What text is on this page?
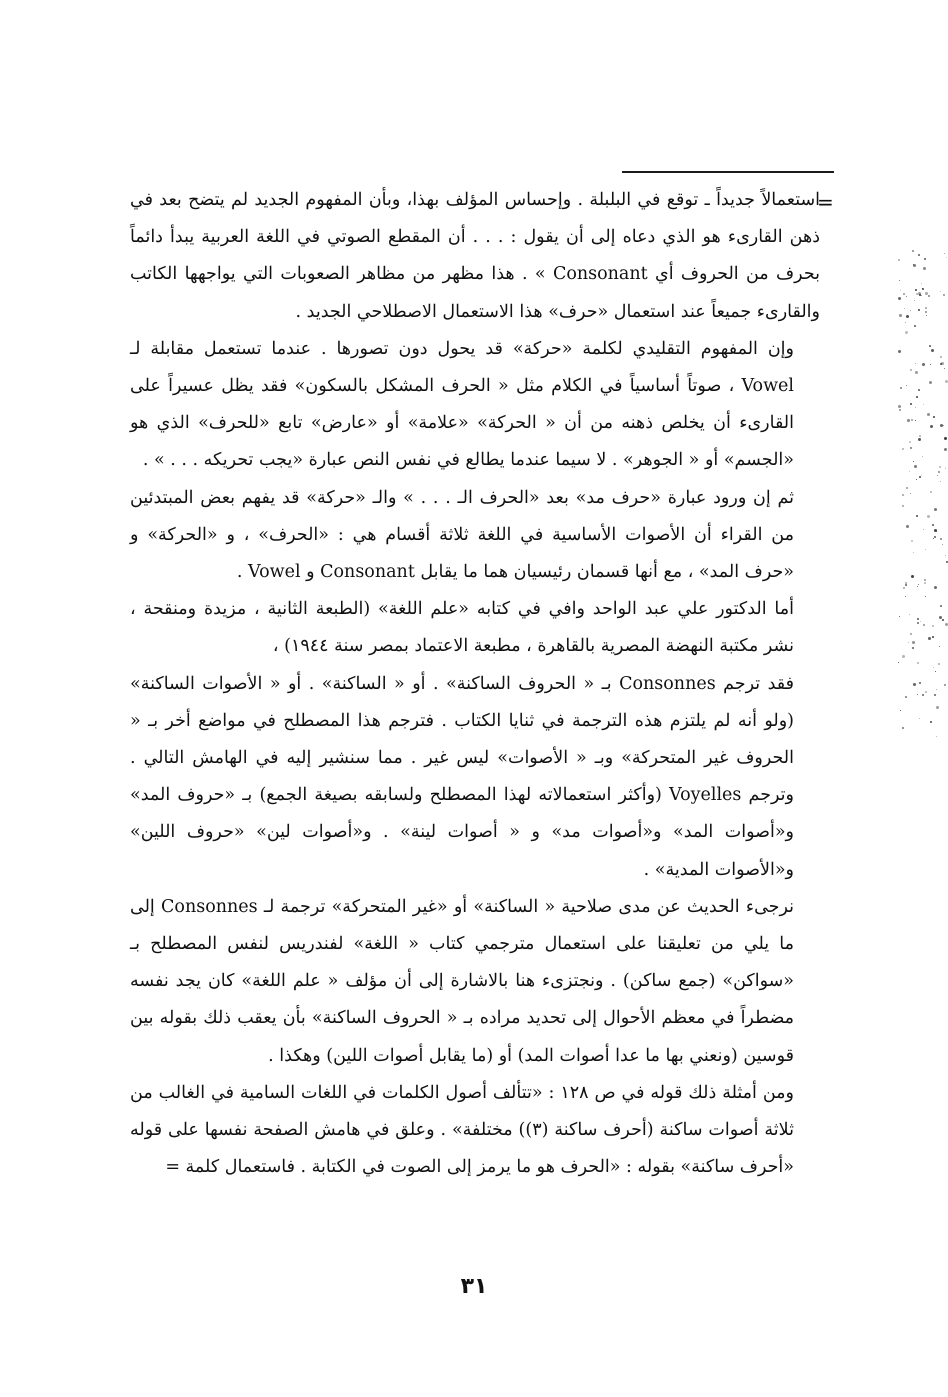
=

استعمالاً جديداً ـ توقع في البلبلة . وإحساس المؤلف بهذا، وبأن المفهوم الجديد لم يتضح بعد في ذهن القارىء هو الذي دعاه إلى أن يقول : . . . أن المقطع الصوتي في اللغة العربية يبدأ دائماً بحرف من الحروف أي Consonant » . هذا مظهر من مظاهر الصعوبات التي يواجهها الكاتب والقارىء جميعاً عند استعمال «حرف» هذا الاستعمال الاصطلاحي الجديد .

وإن المفهوم التقليدي لكلمة «حركة» قد يحول دون تصورها . عندما تستعمل مقابلة لـ Vowel ، صوتاً أساسياً في الكلام مثل « الحرف المشكل بالسكون» فقد يظل عسيراً على القارىء أن يخلص ذهنه من أن « الحركة» «علامة» أو «عارض» تابع «للحرف» الذي هو «الجسم» أو « الجوهر» . لا سيما عندما يطالع في نفس النص عبارة «يجب تحريكه . . . » .

ثم إن ورود عبارة «حرف مد» بعد «الحرف الـ . . . » والـ «حركة» قد يفهم بعض المبتدئين من القراء أن الأصوات الأساسية في اللغة ثلاثة أقسام هي : «الحرف» ، و «الحركة» و «حرف المد» ، مع أنها قسمان رئيسيان هما ما يقابل Consonant و Vowel .

أما الدكتور علي عبد الواحد وافي في كتابه «علم اللغة» (الطبعة الثانية ، مزيدة ومنقحة ، نشر مكتبة النهضة المصرية بالقاهرة ، مطبعة الاعتماد بمصر سنة ١٩٤٤) ،

فقد ترجم Consonnes بـ « الحروف الساكنة» . أو « الساكنة» . أو « الأصوات الساكنة» (ولو أنه لم يلتزم هذه الترجمة في ثنايا الكتاب . فترجم هذا المصطلح في مواضع أخر بـ « الحروف غير المتحركة» وبـ « الأصوات» ليس غير . مما سنشير إليه في الهامش التالي . وترجم Voyelles (وأكثر استعمالاته لهذا المصطلح ولسابقه بصيغة الجمع) بـ «حروف المد» و«أصوات المد» و«أصوات مد» و « أصوات لينة» . و«أصوات لين» «حروف اللين» و«الأصوات المدية» .

نرجىء الحديث عن مدى صلاحية « الساكنة» أو «غير المتحركة» ترجمة لـ Consonnes إلى ما يلي من تعليقنا على استعمال مترجمي كتاب « اللغة» لفندريس لنفس المصطلح بـ «سواكن» (جمع ساكن) . ونجتزىء هنا بالاشارة إلى أن مؤلف « علم اللغة» كان يجد نفسه مضطراً في معظم الأحوال إلى تحديد مراده بـ « الحروف الساكنة» بأن يعقب ذلك بقوله بين قوسين (ونعني بها ما عدا أصوات المد) أو (ما يقابل أصوات اللين) وهكذا .

ومن أمثلة ذلك قوله في ص ١٢٨ : «تتألف أصول الكلمات في اللغات السامية في الغالب من ثلاثة أصوات ساكنة (أحرف ساكنة (٣)) مختلفة» . وعلق في هامش الصفحة نفسها على قوله «أحرف ساكنة» بقوله : «الحرف هو ما يرمز إلى الصوت في الكتابة . فاستعمال كلمة =

٣١
